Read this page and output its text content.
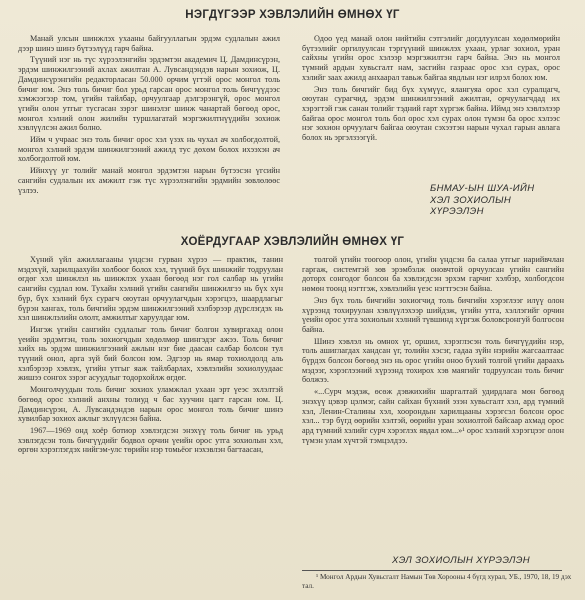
НЭГДҮГЭЭР ХЭВЛЭЛИЙН ӨМНӨХ ҮГ

Манай улсын шинжлэх ухааны байгууллагын эрдэм судлалын ажил дээр шинэ шинэ бүтээлүүд гарч байна.

Түүний нэг нь түс хүрээлэнгийн эрдэмтэн академич Ц. Дамдинсүрэн, эрдэм шинжилгээний ахлах ажилтан А. Лувсандэндэв нарын зохиож, Ц. Дамдинсүрэнгийн редакторласан 50.000 орчим үгтэй орос монгол толь бичиг юм. Энэ толь бичиг бол урьд гарсан орос монгол толь бичгүүдээс хэмжээгээр том, үгийн тайлбар, орчуулгаар дэлгэрэнгүй, орос монгол үгийн олон утгыг тусгасан зэрэг шинэлэг шинж чанартай бөгөөд орос, монгол хэлний олон жилийн туршлагатай мэргэжилтнүүдийн зохиож хэвлүүлсэн ажил болно.

Ийм ч учраас энэ толь бичиг орос хэл үзэх нь чухал ач холбогдолтой, монгол хэлний эрдэм шинжилгээний ажилд тус дөхөм болох ихээхэн ач холбогдолтой юм.

Ийнхүү уг толийг манай монгол эрдэмтэн нарын бүтээсэн үгсийн сангийн судлалын их амжилт гэж түс хүрээлэнгийн эрдмийн зөвлөлөөс үзлээ.

Одоо үед манай олон нийтийн сэтгэлийг догдлуулсан хөдөлмөрийн бүтээлийг оргилуулсан тэргүүний шинжлэх ухаан, урлаг зохиол, уран сайхны үгийн орос хэлээр мэргэжилтэн гарч байна. Энэ нь монгол түмний ардын хувьсгалт нам, засгийн газраас орос хэл сурах, орос хэлийг заах ажилд анхаарал тавьж байгаа явдлын нэг илрэл болох юм.

Энэ толь бичгийг бид бүх хүмүүс, ялангуяа орос хэл суралцагч, оюутан сурагчид, эрдэм шинжилгээний ажилтан, орчуулагчдад их хэрэгтэй гэж санан толийг тэдний гарт хүргэж байна. Иймд энэ хэвлэлээр байгаа орос монгол толь бол орос хэл сурах олон түмэн ба орос хэлээс нэг зохион орчуулагч байгаа оюутан сэхээтэн нарын чухал гарын авлага болох нь эргэлзээгүй.

БНМАУ-ЫН ШУА-ИЙН
ХЭЛ ЗОХИОЛЫН
ХҮРЭЭЛЭН
ХОЁРДУГААР ХЭВЛЭЛИЙН ӨМНӨХ ҮГ

Хүний үйл ажиллагааны үндсэн гурван хүрээ — практик, танин мэдэхүй, харилцаахуйн холбоог болох хэл, түүний бүх шинжийг тодруулан өгдөг хэл шинжлэл нь шинжлэх ухаан бөгөөд нэг гол салбар нь үгийн сангийн судлал юм. Тухайн хэлний үгийн сангийн шинжилгээ нь бүх хүн бүр, бүх хэлний бүх сурагч оюутан орчуулагчдын хэрэгцээ, шаардлагыг бүрэн хангах, толь бичгийн эрдэм шинжилгээний хэлбэрээр дүрслэгдэх нь хэл шинжлэлийн ололт, амжилтыг харуулдаг юм.

Ингэж үгийн сангийн судлалыг толь бичиг болгон хувиргахад олон үеийн эрдэмтэн, толь зохиогчдын хөдөлмөр шингэдэг ажээ. Толь бичиг хийх нь эрдэм шинжилгээний ажлын нэг бие даасан салбар болсон тул түүний онол, арга зүй бий болсон юм. Эдгээр нь ямар тохиолдолд аль хэлбэрээр хэвлэх, үгийн утгыг яаж тайлбарлах, хэвлэлийн зохиолуудаас жишээ сонгох зэрэг асуудлыг тодорхойлж өгдөг.

Монголчуудын толь бичиг зохиох уламжлал ухаан эрт үеэс эхлэлтэй бөгөөд орос хэлний анхны толиуд ч бас хуучин цагт гарсан юм. Ц. Дамдинсүрэн, А. Лувсандэндэв нарын орос монгол толь бичиг шинэ хувилбар зохиох ажлыг эхлүүлсэн байна.

1967—1969 онд хоёр ботиор хэвлэгдсэн энэхүү толь бичиг нь урьд хэвлэгдсэн толь бичгүүдийг бодвол орчин үеийн орос утга зохиолын хэл, өргөн хэрэглэгдэх нийгэм-улс төрийн нэр томьёог нэхэвлэн багтаасан,

толгой үгийн тоогоор олон, үгийн үндсэн ба салаа утгыг нарийвчлан гаргаж, системтэй зөв эрэмбэлж оновчтой орчуулсан үгийн сангийн доторх сонгодог болсон ба хэвлэгдсэн эрхэм гарчиг хэлбэр, холбогдсон нөмөн тоонд нэгтгэж, хэвлэлийн үеэс нэгтгэсэн байна.

Энэ бүх толь бичгийн зохиогчид толь бичгийн хэрэглээг илүү олон хүрээнд тохируулан хэвлүүлэхээр шийдэж, үгийн утга, хэллэгийг орчин үеийн орос утга зохиолын хэлний түвшинд хүргэж боловсронгуй болгосон байна.

Шинэ хэвлэл нь омнох үг, оршил, хэрэглэсэн толь бичгүүдийн нэр, толь ашиглагдах хандсан үг, толийн хэсэг, гадаа зүйн нэрийн жагсаалтаас бүрдэх болсон бөгөөд энэ нь орос үгийн оноо бүхий толгой үгийн дараахь мэдээг, хэрэглээний хүрээнд тохирох хэв маягийг тодруулсан толь бичиг болжээ.

«...Сурч мэдэж, өсөж дэвжихийн шаргалтай удирдлага мөн бөгөөд энэхүү цэвэр цэлмэг, сайн сайхан бүхний эзэн хувьсгалт хэл, ард түмний хэл, Ленин-Сталины хэл, хоорондын харилцааны хэрэгсэл болсон орос хэл... тэр бүгд өөрийн хэлтэй, өөрийн уран зохиолтой байсаар ахмад орос ард түмний хэлийг сурч хэрэглэх явдал юм...»¹ орос хэлний хэрэгцээг олон түмэн улам хүчтэй тэмцэлдээ.

ХЭЛ ЗОХИОЛЫН ХҮРЭЭЛЭН
¹ Монгол Ардын Хувьсгалт Намын Төв Хорооны 4 бүгд хурал, УБ., 1970, 18, 19 дэх тал.
